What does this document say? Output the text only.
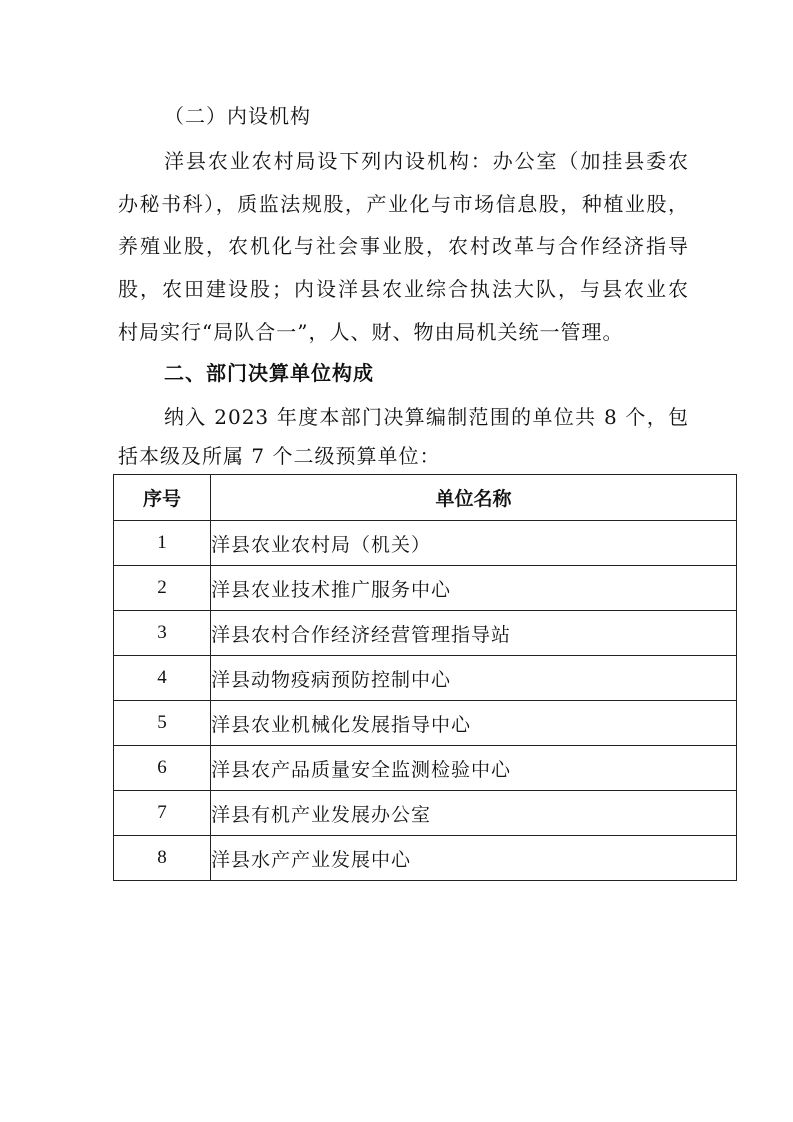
（二）内设机构
洋县农业农村局设下列内设机构：办公室（加挂县委农
办秘书科），质监法规股，产业化与市场信息股，种植业股，
养殖业股，农机化与社会事业股，农村改革与合作经济指导
股，农田建设股；内设洋县农业综合执法大队，与县农业农
村局实行“局队合一”，人、财、物由局机关统一管理。
二、部门决算单位构成
纳入 2023 年度本部门决算编制范围的单位共 8 个，包
括本级及所属 7 个二级预算单位：
序号	单位名称
1	洋县农业农村局（机关）
2	洋县农业技术推广服务中心
3	洋县农村合作经济经营管理指导站
4	洋县动物疫病预防控制中心
5	洋县农业机械化发展指导中心
6	洋县农产品质量安全监测检验中心
7	洋县有机产业发展办公室
8	洋县水产产业发展中心
